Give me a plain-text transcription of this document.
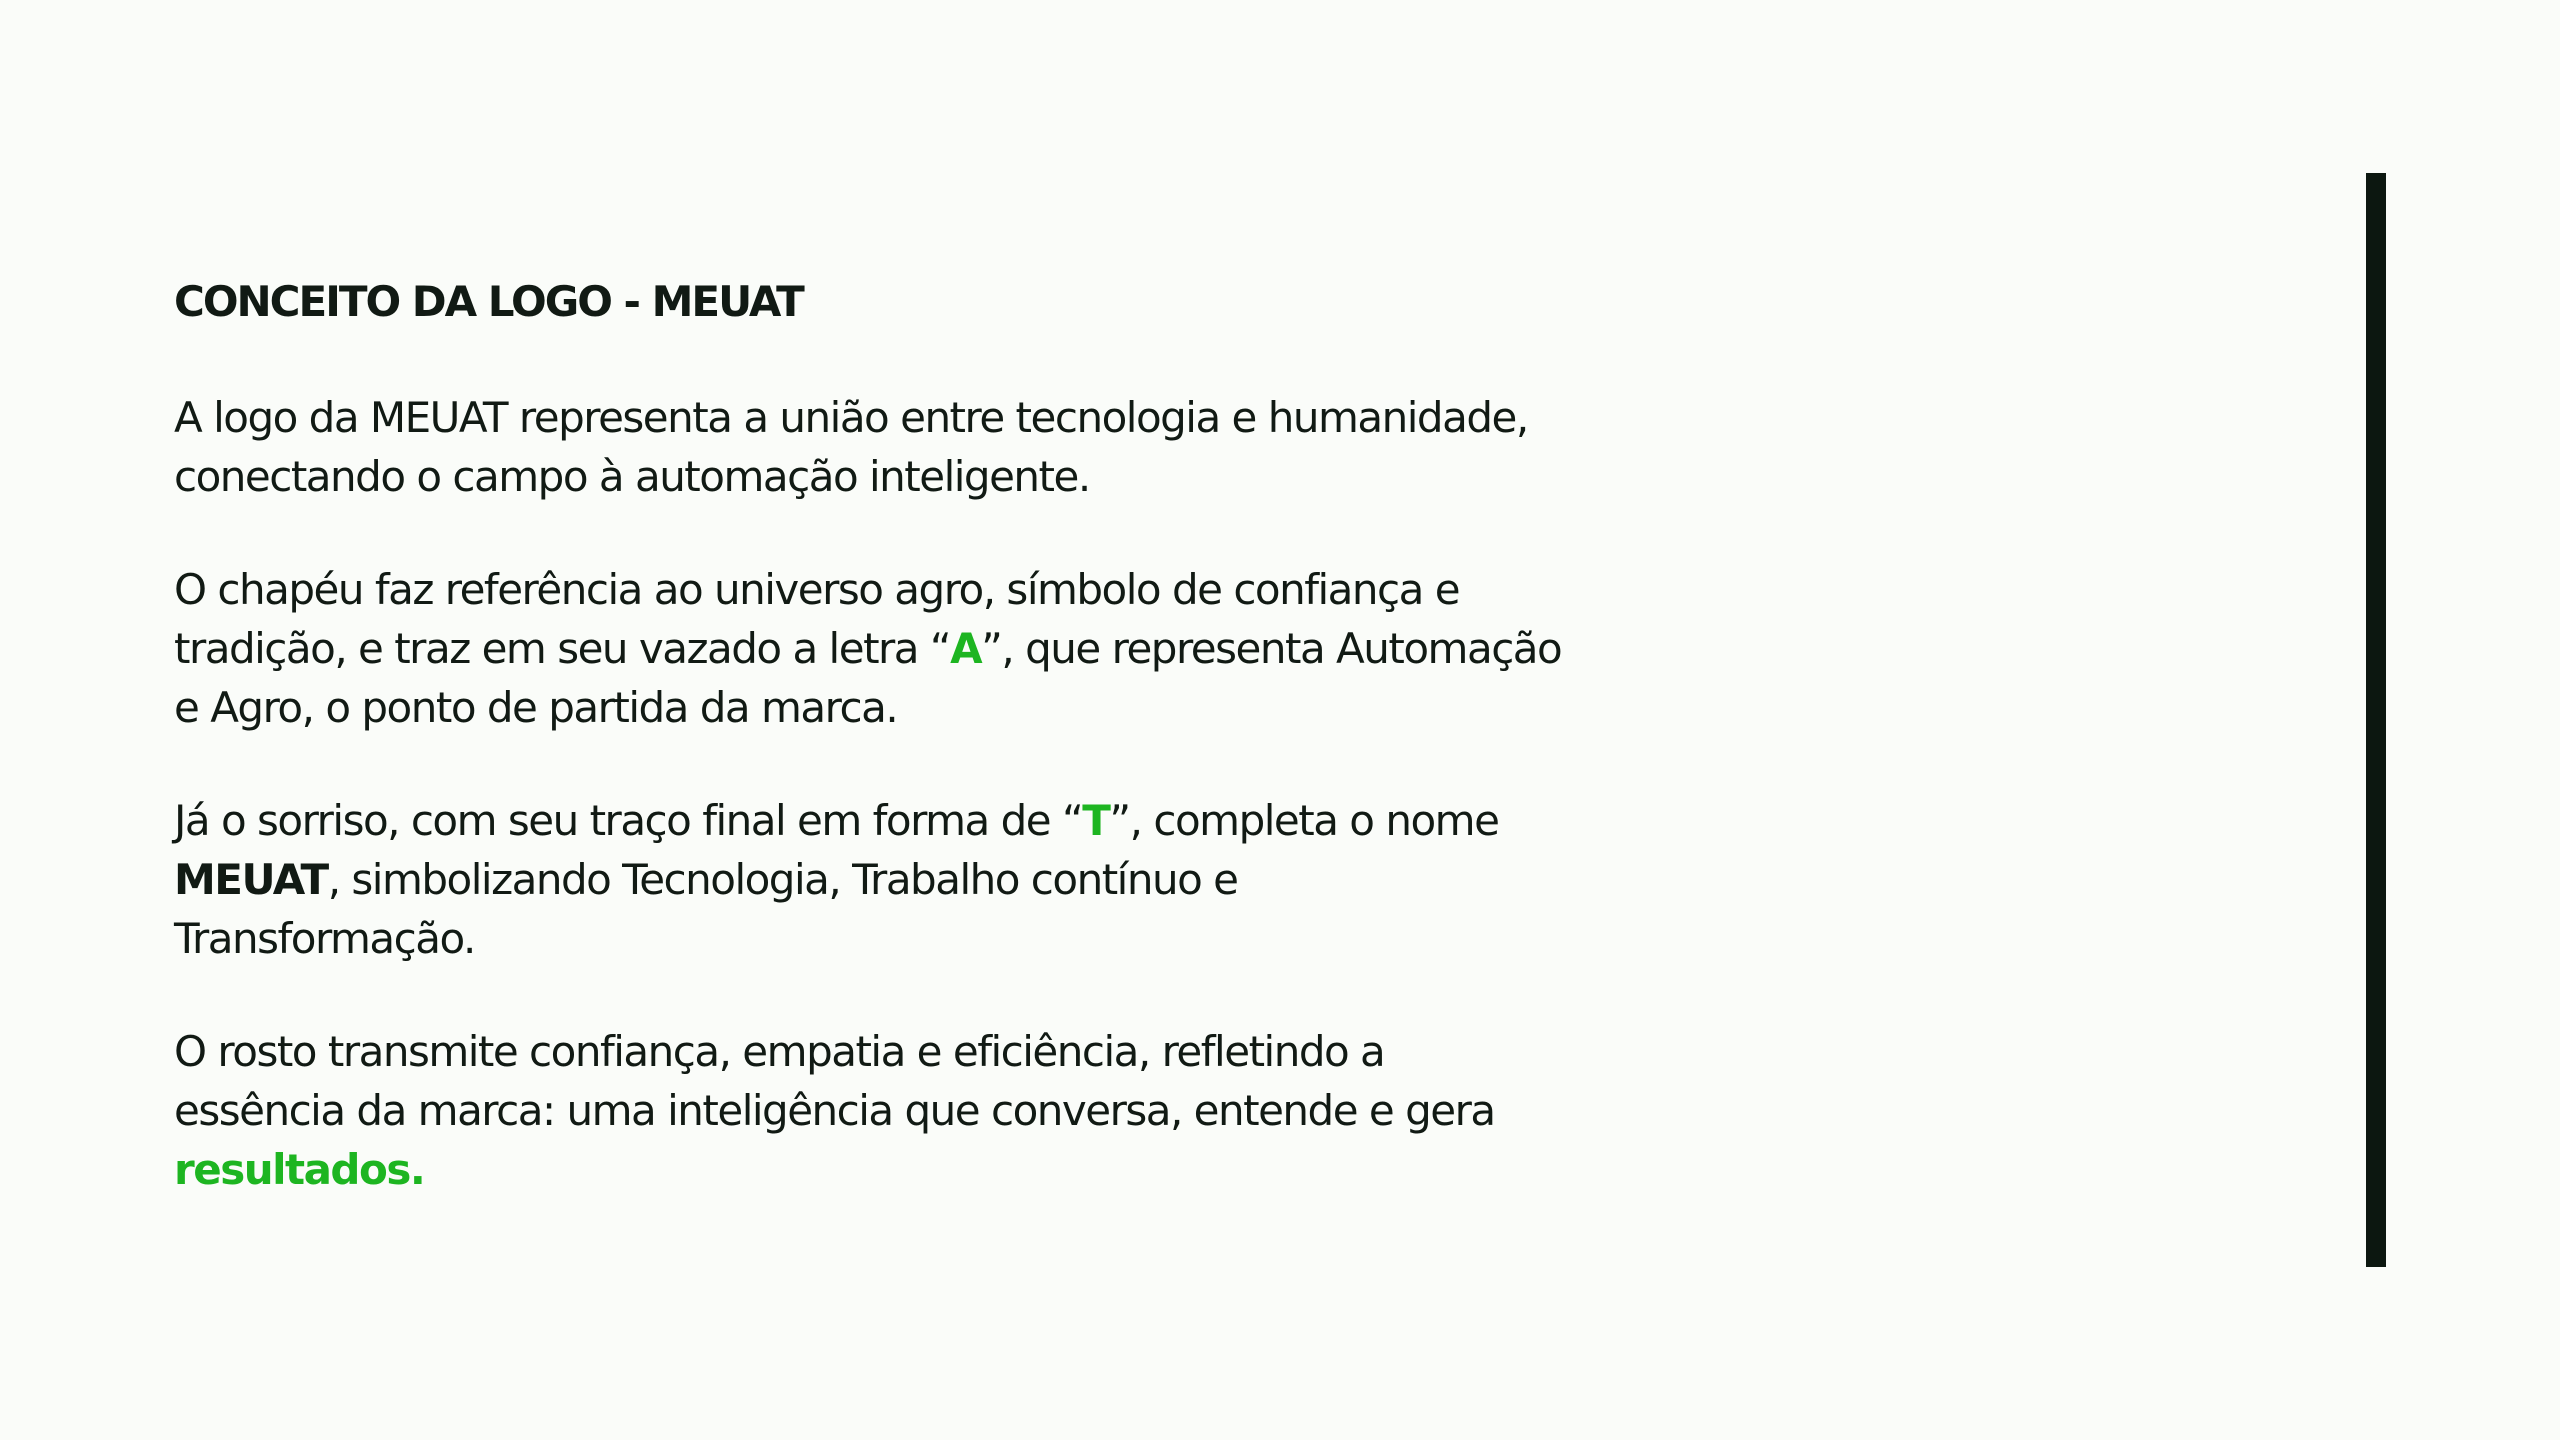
CONCEITO DA LOGO - MEUAT

A logo da MEUAT representa a união entre tecnologia e humanidade,
conectando o campo à automação inteligente.

O chapéu faz referência ao universo agro, símbolo de confiança e
tradição, e traz em seu vazado a letra “A”, que representa Automação
e Agro, o ponto de partida da marca.

Já o sorriso, com seu traço final em forma de “T”, completa o nome
MEUAT, simbolizando Tecnologia, Trabalho contínuo e
Transformação.

O rosto transmite confiança, empatia e eficiência, refletindo a
essência da marca: uma inteligência que conversa, entende e gera
resultados.
